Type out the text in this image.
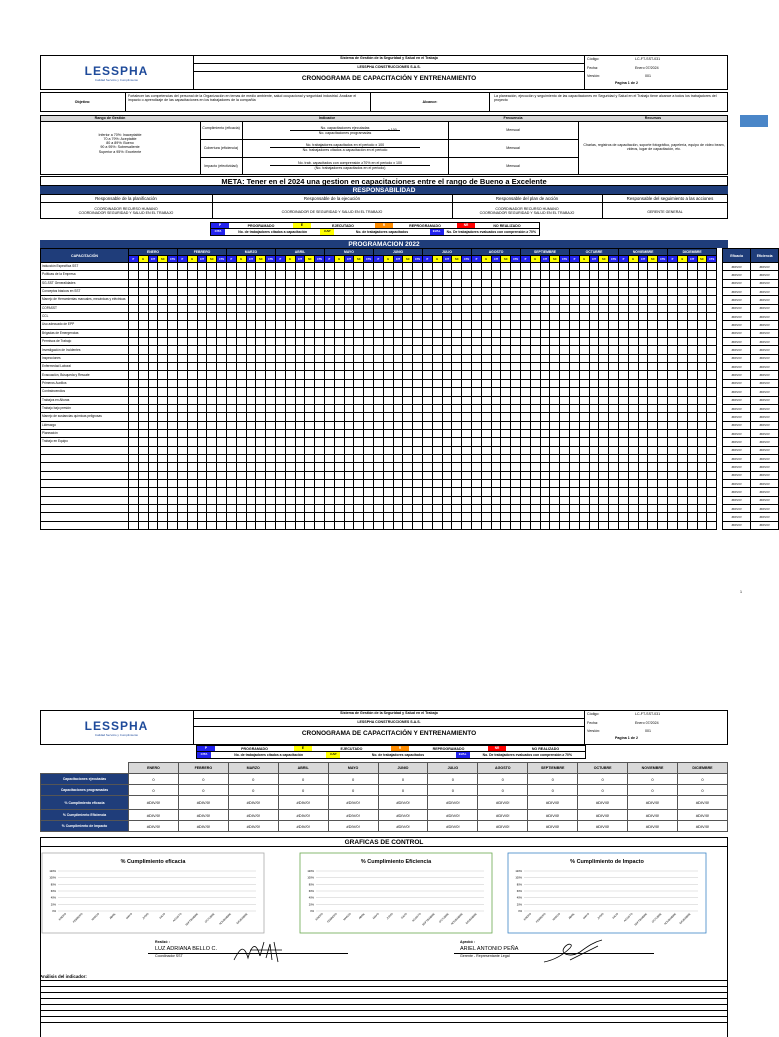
LESSPHA
Calidad Servicio y Cumplimiento
Sistema de Gestión de la Seguridad y Salud en el Trabajo
LESSPHA CONSTRUCCIONES S.A.S.
CRONOGRAMA DE CAPACITACIÓN Y ENTRENAMIENTO
Código:	LC-FT-SST-031
Fecha:	Enero 07/2024
Versión:	001
Pagina 1 de 2
Objetivo:
Fortalecer las competencias del personal de la Organización en temas de medio ambiente, salud ocupacional y seguridad industrial. Analizar el impacto o aprendizaje de las capacitaciones en los trabajadores de la compañía	Alcance:
La planeación, ejecución y seguimiento de las capacitaciones en Seguridad y Salud en el Trabajo tiene alcance a todos los trabajadores del proyecto
Rango de Gestión	Indicador	Frecuencia	Recursos
Inferior a 70%: Inaceptable
70 a 79%: Aceptable
80 a 89%: Bueno
90 a 95%: Sobresaliente
Superior a 95%: Excelente
Cumplimiento (eficacia)	No. capacitaciones ejecutadas
No. capacitaciones programadas
x 100	Mensual
Cobertura (eficiencia)
No. trabajadores capacitados en el periodo x 100
No. trabajadores citados a capacitación en el periodo	Mensual
Impacto (efectividad)
No. trab. capacitados con comprensión ≥70% en el periodo x 100
(No. trabajadores capacitados en el periodo)	Mensual
Charlas, registros de capacitación, soporte fotográfico, papelería, equipo de video beam, videos, lugar de capacitación, etc.
META: Tener en el 2024 una gestion en capacitaciones entre el rango de Bueno a Excelente
RESPONSABILIDAD
Responsable de la planificación	Responsable de la ejecución	Responsable del plan de acción	Responsable del seguimiento a las acciones
COORDINADOR RECURSO HUMANO
COORDINADOR SEGURIDAD Y SALUD EN EL TRABAJO	COORDINADOR DE SEGURIDAD Y SALUD EN EL TRABAJO
COORDINADOR RECURSO HUMANO
COORDINADOR SEGURIDAD Y SALUD EN EL TRABAJO	GERENTE GENERAL
P	PROGRAMADO	E	EJECUTADO	R	REPROGRAMADO	NR	NO REALIZADO
CITA	No. de trabajadores citados a capacitación	CAP	No. de trabajadores capacitados	EVAL	No. De trabajadores evaluados con comprensión ≥ 70%
PROGRAMACION 2022
CAPACITACIÓN	ENERO					FEBRERO					MARZO					ABRIL					MAYO					JUNIO					JULIO					AGOSTO					SEPTIEMBRE					OCTUBRE					NOVIEMBRE					DICIEMBRE						Eficacia	Eficiencia
	P	E	CIT	SC	CTE	P	E	CIT	SC	CTE	P	E	CIT	SC	CTE	P	E	CIT	SC	CTE	P	E	CIT	SC	CTE	P	E	CIT	SC	CTE	P	E	CIT	SC	CTE	P	E	CIT	SC	CTE	P	E	CIT	SC	CTE	P	E	CIT	SC	CTE	P	E	CIT	SC	CTE	P	E	CIT	SC	CTE			
Inducción Específica SST																																																														#DIV/0!	#DIV/0!
Políticas de la Empresa																																																														#DIV/0!	#DIV/0!
SG-SST Generalidades																																																														#DIV/0!	#DIV/0!
Conceptos básicos en SST																																																														#DIV/0!	#DIV/0!
Manejo de Herramientas manuales, mecánicas y eléctricas																																																														#DIV/0!	#DIV/0!
COPASST																																																														#DIV/0!	#DIV/0!
CCL																																																														#DIV/0!	#DIV/0!
Uso adecuado de EPP																																																														#DIV/0!	#DIV/0!
Brigadas de Emergencias																																																														#DIV/0!	#DIV/0!
Permisos de Trabajo																																																														#DIV/0!	#DIV/0!
Investigación de Incidentes																																																														#DIV/0!	#DIV/0!
Inspecciones																																																														#DIV/0!	#DIV/0!
Enfermedad Laboral																																																														#DIV/0!	#DIV/0!
Evacuación, Búsqueda y Rescate																																																														#DIV/0!	#DIV/0!
Primeros Auxilios																																																														#DIV/0!	#DIV/0!
Contraincendios																																																														#DIV/0!	#DIV/0!
Trabajos en Alturas																																																														#DIV/0!	#DIV/0!
Trabajo bajo presión																																																														#DIV/0!	#DIV/0!
Manejo de sustancias químicas peligrosas																																																														#DIV/0!	#DIV/0!
Liderazgo																																																														#DIV/0!	#DIV/0!
Planeación																																																														#DIV/0!	#DIV/0!
Trabajo en Equipo																																																														#DIV/0!	#DIV/0!
																																																														#DIV/0!	#DIV/0!
																																																														#DIV/0!	#DIV/0!
																																																														#DIV/0!	#DIV/0!
																																																														#DIV/0!	#DIV/0!
																																																														#DIV/0!	#DIV/0!
																																																														#DIV/0!	#DIV/0!
																																																														#DIV/0!	#DIV/0!
																																																														#DIV/0!	#DIV/0!
																																																														#DIV/0!	#DIV/0!
																																																														#DIV/0!	#DIV/0!
1
LESSPHA
Calidad Servicio y Cumplimiento
Sistema de Gestión de la Seguridad y Salud en el Trabajo
LESSPHA CONSTRUCCIONES S.A.S.
CRONOGRAMA DE CAPACITACIÓN Y ENTRENAMIENTO
Código:	LC-FT-SST-031
Fecha:	Enero 07/2024
Versión:	001
Pagina 1 de 2
P	PROGRAMADO	E	EJECUTADO	R	REPROGRAMADO	NR	NO REALIZADO
CITA	No. de trabajadores citados a capacitación	CAP	No. de trabajadores capacitados	EVAL	No. De trabajadores evaluados con comprensión ≥ 70%
	ENERO	FEBRERO	MARZO	ABRIL	MAYO	JUNIO	JULIO	AGOSTO	SEPTIEMBRE	OCTUBRE	NOVIEMBRE	DICIEMBRE
Capacitaciones ejecutadas	0	0	0	0	0	0	0	0	0	0	0	0
Capacitaciones programadas	0	0	0	0	0	0	0	0	0	0	0	0
% Cumplimiento eficacia	#DIV/0!	#DIV/0!	#DIV/0!	#DIV/0!	#DIV/0!	#DIV/0!	#DIV/0!	#DIV/0!	#DIV/0!	#DIV/0!	#DIV/0!	#DIV/0!
% Cumplimiento Eficiencia	#DIV/0!	#DIV/0!	#DIV/0!	#DIV/0!	#DIV/0!	#DIV/0!	#DIV/0!	#DIV/0!	#DIV/0!	#DIV/0!	#DIV/0!	#DIV/0!
% Cumplimiento de Impacto	#DIV/0!	#DIV/0!	#DIV/0!	#DIV/0!	#DIV/0!	#DIV/0!	#DIV/0!	#DIV/0!	#DIV/0!	#DIV/0!	#DIV/0!	#DIV/0!
GRAFICAS DE CONTROL
% Cumplimiento eficacia
120%
100%
80%
60%
40%
20%
0%
ENERO FEBRERO	MARZO	ABRIL	MAYO	JUNIO	JULIO	AGOSTO SEPTIEMBRE OCTUBRE NOVIEMBRE DICIEMBRE
% Cumplimiento Eficiencia
120%
100%
80%
60%
40%
20%
0%
ENERO FEBRERO MARZO	ABRIL	MAYO JUNIO	JULIO AGOSTO SEPTIEMBRE OCTUBRE NOVIEMBRE DICIEMBRE
% Cumplimiento de Impacto
120%
100%
80%
60%
40%
20%
0%
ENERO FEBRERO MARZO	ABRIL	MAYO	JUNIO	JULIO AGOSTO SEPTIEMBRE OCTUBRE NOVIEMBRE DICIEMBRE
Realizó :
LUZ ADRIANA BELLO C.
Coordinador SST
Aprobó :
ARIEL ANTONIO PEÑA
Gerente - Representante Legal
Análisis del indicador:
